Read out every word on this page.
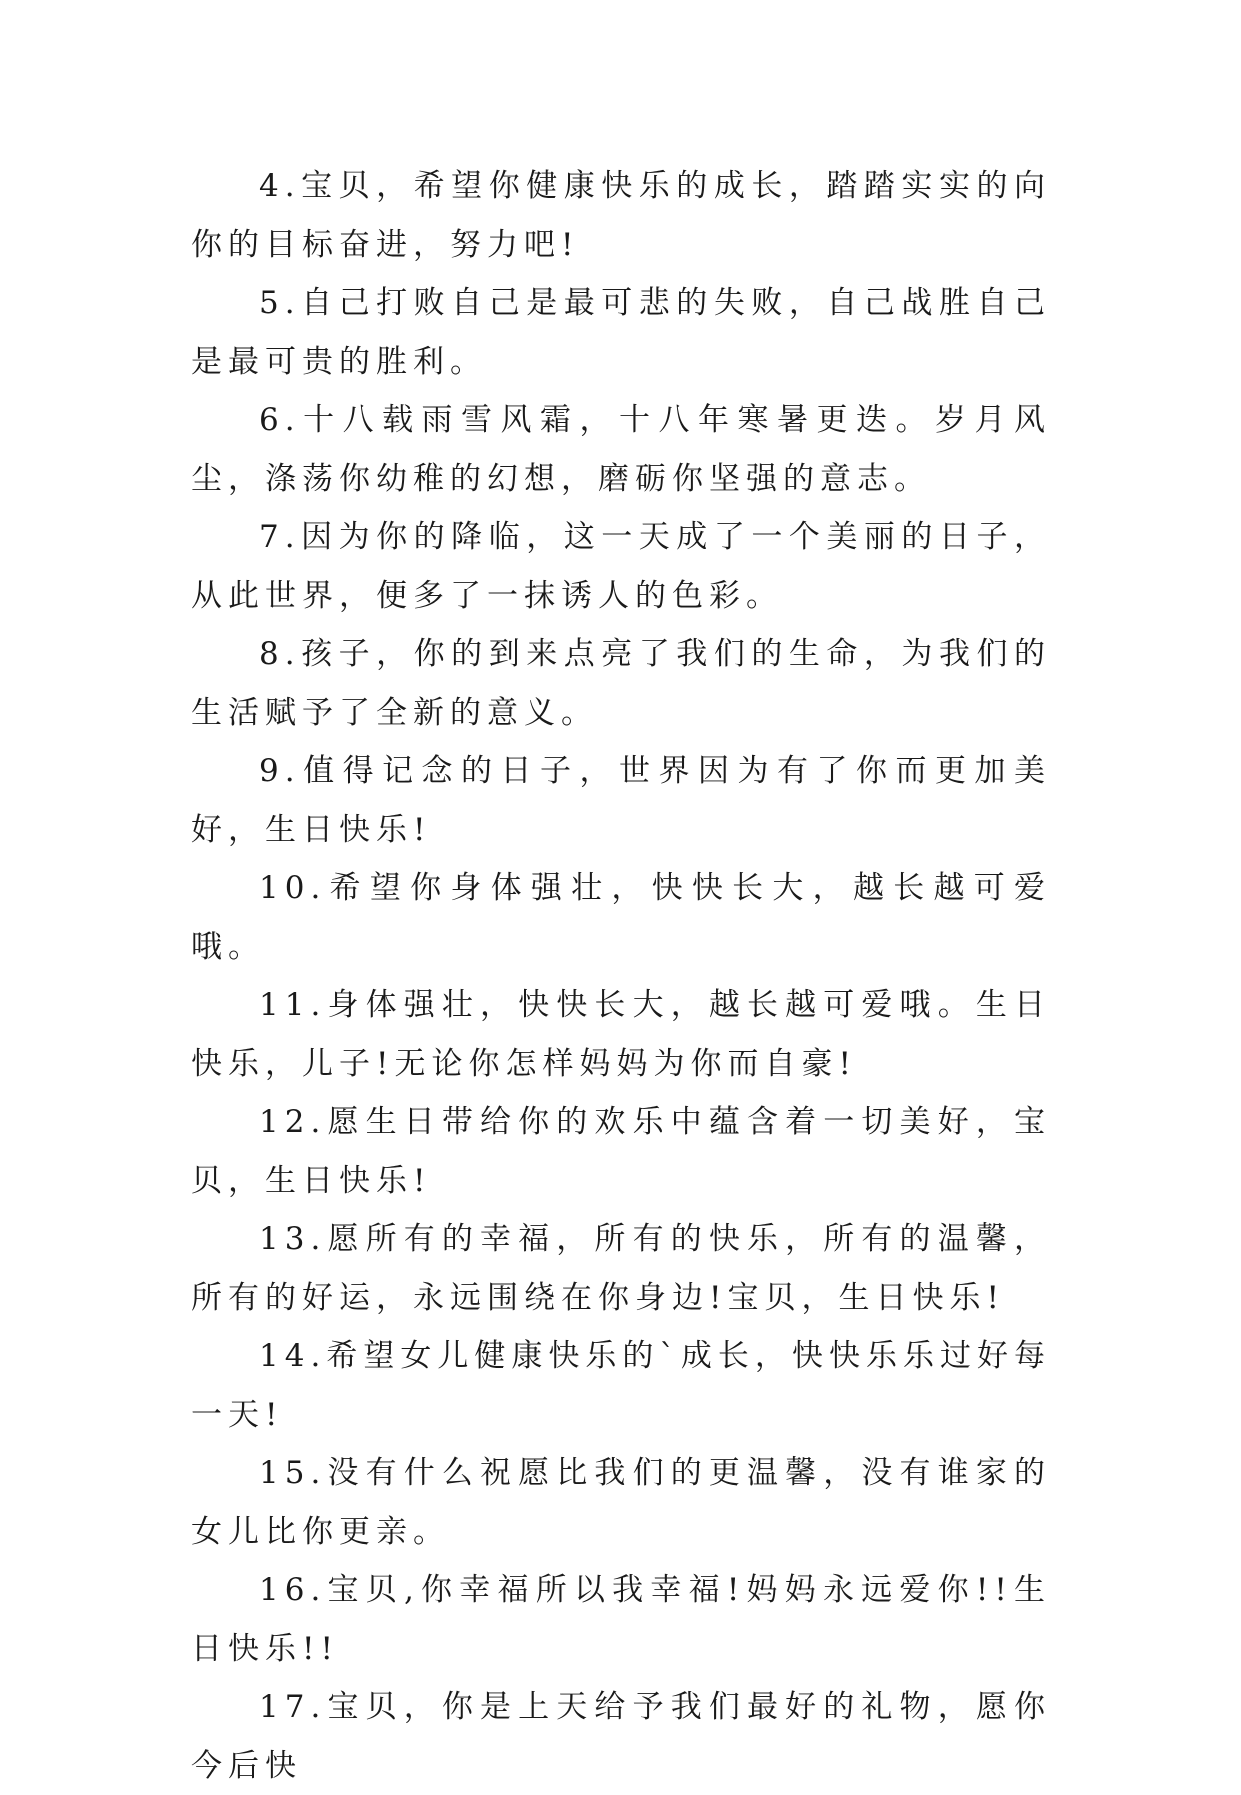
4.宝贝，希望你健康快乐的成长，踏踏实实的向你的目标奋进，努力吧!

5.自己打败自己是最可悲的失败，自己战胜自己是最可贵的胜利。

6.十八载雨雪风霜，十八年寒暑更迭。岁月风尘，涤荡你幼稚的幻想，磨砺你坚强的意志。

7.因为你的降临，这一天成了一个美丽的日子，从此世界，便多了一抹诱人的色彩。

8.孩子，你的到来点亮了我们的生命，为我们的生活赋予了全新的意义。

9.值得记念的日子，世界因为有了你而更加美好，生日快乐!

10.希望你身体强壮，快快长大，越长越可爱哦。

11.身体强壮，快快长大，越长越可爱哦。生日快乐，儿子!无论你怎样妈妈为你而自豪!

12.愿生日带给你的欢乐中蕴含着一切美好，宝贝，生日快乐!

13.愿所有的幸福，所有的快乐，所有的温馨，所有的好运，永远围绕在你身边!宝贝，生日快乐!

14.希望女儿健康快乐的`成长，快快乐乐过好每一天!

15.没有什么祝愿比我们的更温馨，没有谁家的女儿比你更亲。

16.宝贝,你幸福所以我幸福!妈妈永远爱你!!生日快乐!!

17.宝贝，你是上天给予我们最好的礼物，愿你今后快
